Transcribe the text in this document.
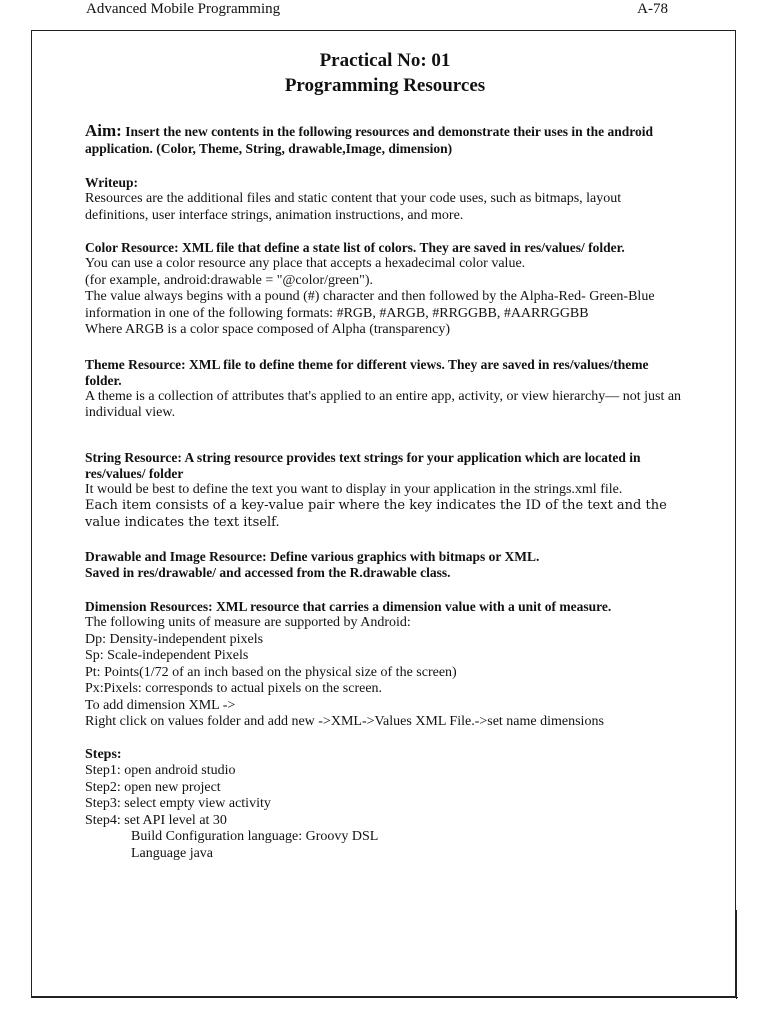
Advanced Mobile Programming	A-78
Practical No: 01
Programming Resources
Aim: Insert the new contents in the following resources and demonstrate their uses in the android application. (Color, Theme, String, drawable,Image, dimension)
Writeup:
Resources are the additional files and static content that your code uses, such as bitmaps, layout definitions, user interface strings, animation instructions, and more.
Color Resource: XML file that define a state list of colors. They are saved in res/values/ folder.
You can use a color resource any place that accepts a hexadecimal color value.
(for example, android:drawable = "@color/green").
The value always begins with a pound (#) character and then followed by the Alpha-Red- Green-Blue information in one of the following formats: #RGB, #ARGB, #RRGGBB, #AARRGGBB
Where ARGB is a color space composed of Alpha (transparency)
Theme Resource: XML file to define theme for different views. They are saved in res/values/theme folder.
A theme is a collection of attributes that's applied to an entire app, activity, or view hierarchy— not just an individual view.
String Resource: A string resource provides text strings for your application which are located in res/values/ folder
It would be best to define the text you want to display in your application in the strings.xml file.
Each item consists of a key-value pair where the key indicates the ID of the text and the value indicates the text itself.
Drawable and Image Resource: Define various graphics with bitmaps or XML.
Saved in res/drawable/ and accessed from the R.drawable class.
Dimension Resources: XML resource that carries a dimension value with a unit of measure.
The following units of measure are supported by Android:
Dp: Density-independent pixels
Sp: Scale-independent Pixels
Pt: Points(1/72 of an inch based on the physical size of the screen)
Px:Pixels: corresponds to actual pixels on the screen.
To add dimension XML ->
Right click on values folder and add new ->XML->Values XML File.->set name dimensions
Steps:
Step1: open android studio
Step2: open new project
Step3: select empty view activity
Step4: set API level at 30
Build Configuration language: Groovy DSL
Language java
